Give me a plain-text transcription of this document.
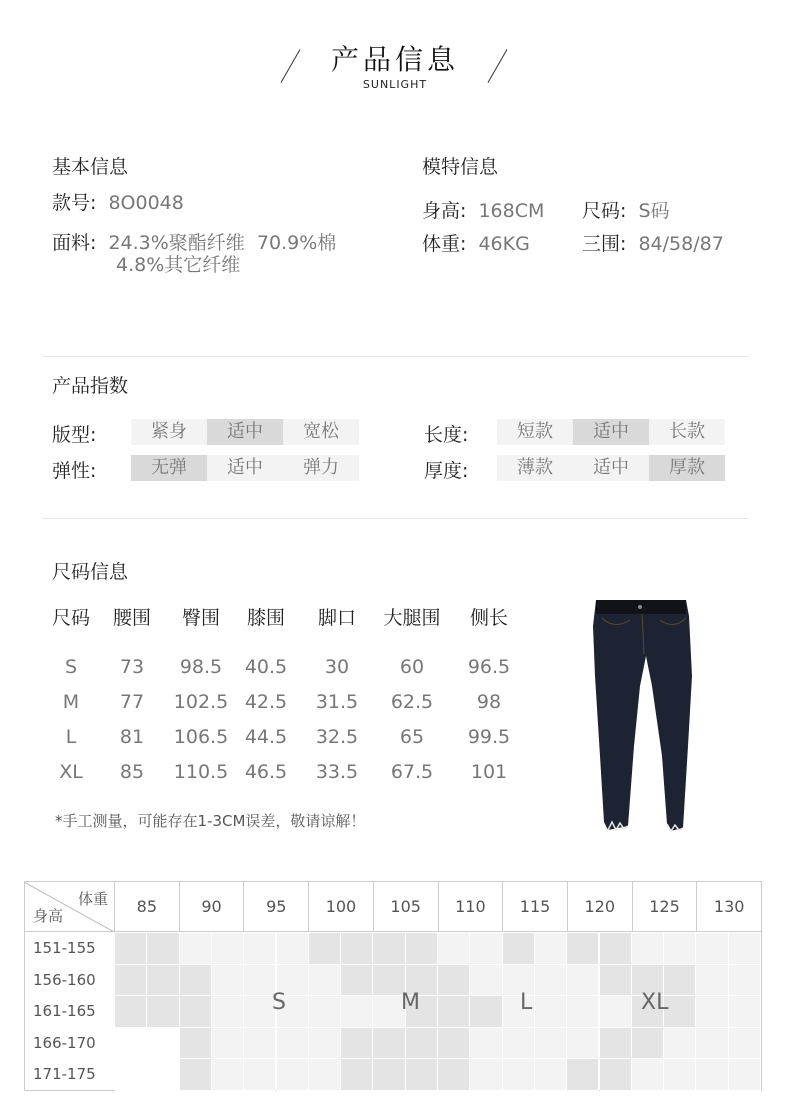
产品信息
SUNLIGHT
基本信息
款号: 8O0048
面料: 24.3%聚酯纤维  70.9%棉
4.8%其它纤维
模特信息
身高: 168CM 尺码: S码
体重: 46KG	三围: 84/58/87
产品指数
版型:	紧身	适中	宽松
弹性:	无弹	适中	弹力
长度:	短款	适中	长款
厚度:	薄款	适中	厚款
尺码信息
尺码	腰围	臀围	膝围	脚口	大腿围	侧长
S	73	98.5	40.5	30	60	96.5
M	77	102.5 42.5	31.5	62.5	98
L	81	106.5 44.5	32.5	65	99.5
XL	85	110.5 46.5	33.5	67.5	101
*手工测量，可能存在1-3CM误差，敬请谅解！
体重
身高	85	90	95	100	105	110	115	120	125	130
151-155
156-160
161-165
166-170
171-175
S	M	L	XL
